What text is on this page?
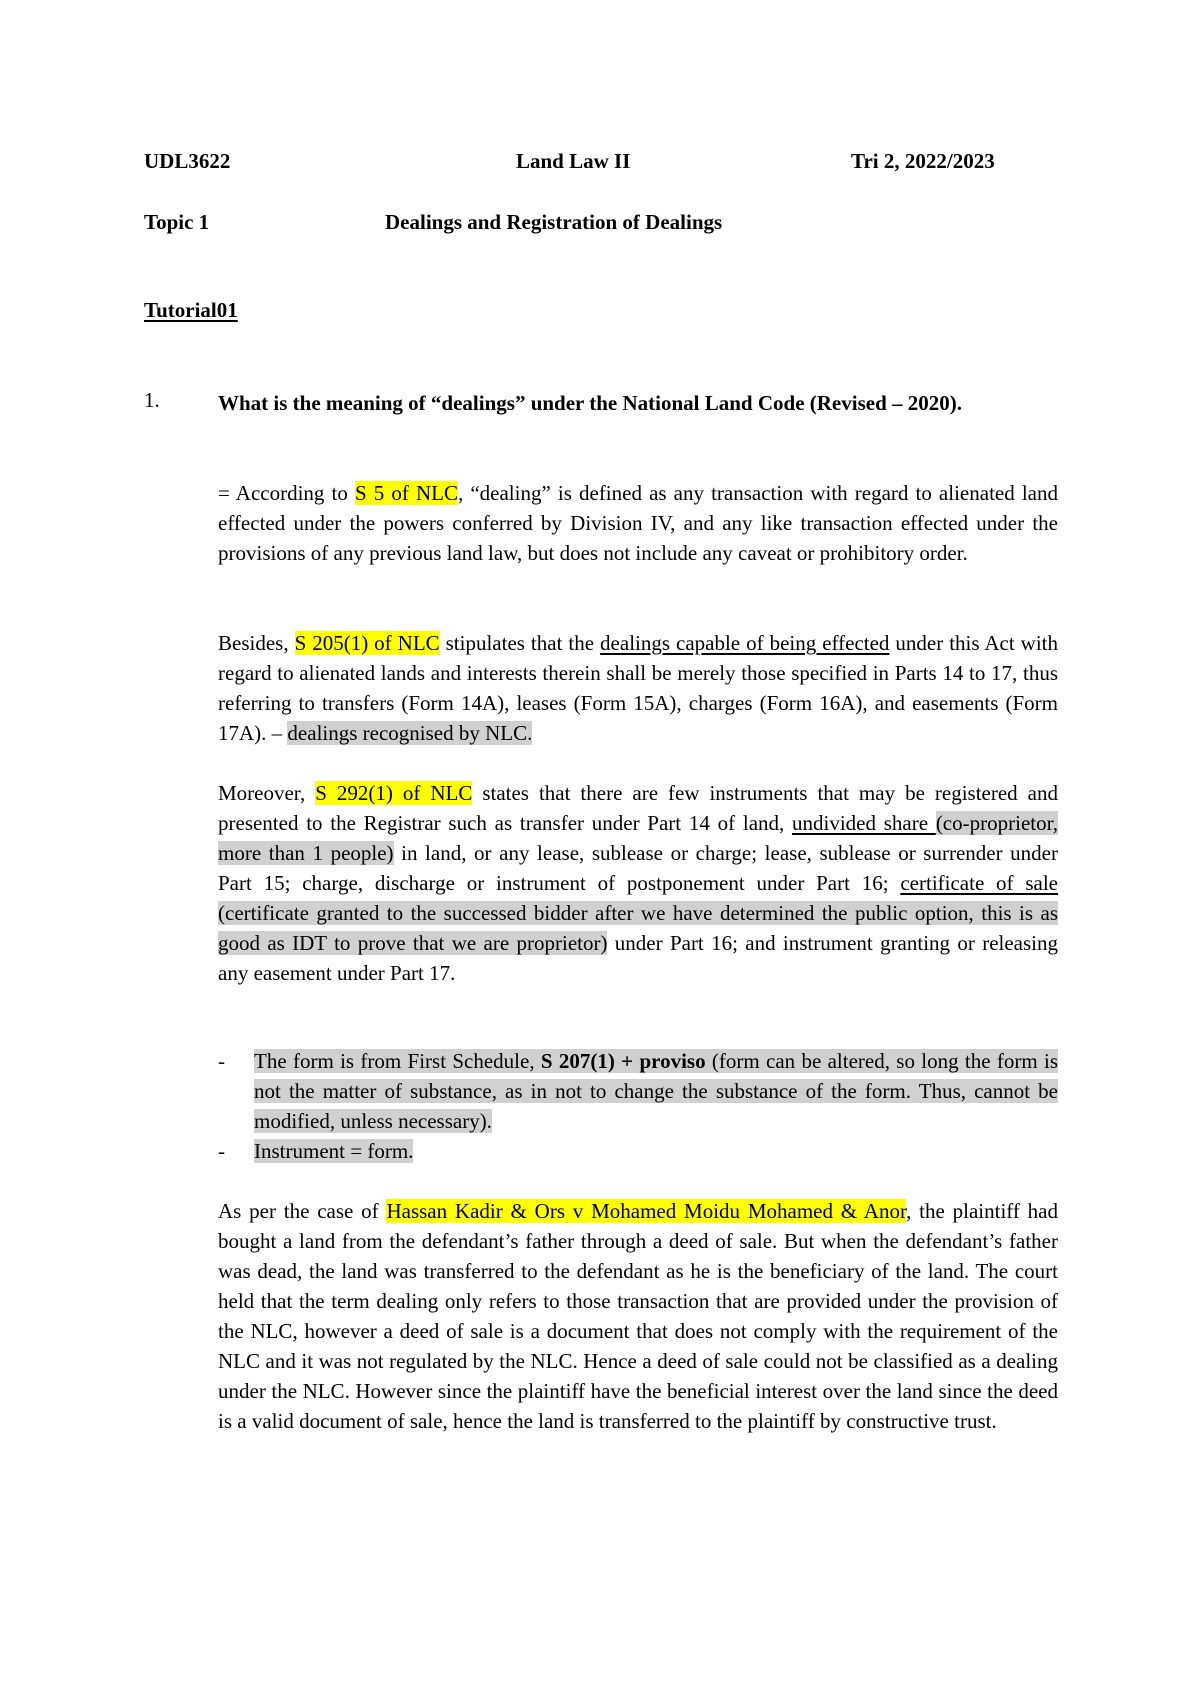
UDL3622	Land Law II	Tri 2, 2022/2023
Topic 1	Dealings and Registration of Dealings
Tutorial01
1.	What is the meaning of “dealings” under the National Land Code (Revised – 2020).

= According to S 5 of NLC, “dealing” is defined as any transaction with regard to alienated land effected under the powers conferred by Division IV, and any like transaction effected under the provisions of any previous land law, but does not include any caveat or prohibitory order.

Besides, S 205(1) of NLC stipulates that the dealings capable of being effected under this Act with regard to alienated lands and interests therein shall be merely those specified in Parts 14 to 17, thus referring to transfers (Form 14A), leases (Form 15A), charges (Form 16A), and easements (Form 17A). – dealings recognised by NLC.

Moreover, S 292(1) of NLC states that there are few instruments that may be registered and presented to the Registrar such as transfer under Part 14 of land, undivided share (co-proprietor, more than 1 people) in land, or any lease, sublease or charge; lease, sublease or surrender under Part 15; charge, discharge or instrument of postponement under Part 16; certificate of sale (certificate granted to the successed bidder after we have determined the public option, this is as good as IDT to prove that we are proprietor) under Part 16; and instrument granting or releasing any easement under Part 17.

- The form is from First Schedule, S 207(1) + proviso (form can be altered, so long the form is not the matter of substance, as in not to change the substance of the form. Thus, cannot be modified, unless necessary).
- Instrument = form.

As per the case of Hassan Kadir & Ors v Mohamed Moidu Mohamed & Anor, the plaintiff had bought a land from the defendant’s father through a deed of sale. But when the defendant’s father was dead, the land was transferred to the defendant as he is the beneficiary of the land. The court held that the term dealing only refers to those transaction that are provided under the provision of the NLC, however a deed of sale is a document that does not comply with the requirement of the NLC and it was not regulated by the NLC. Hence a deed of sale could not be classified as a dealing under the NLC. However since the plaintiff have the beneficial interest over the land since the deed is a valid document of sale, hence the land is transferred to the plaintiff by constructive trust.
